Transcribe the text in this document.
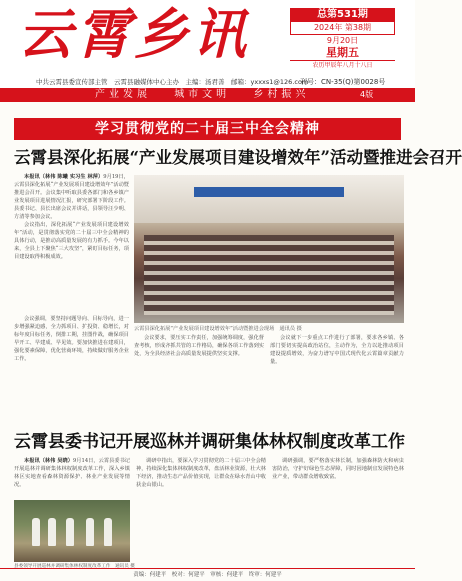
云霄乡讯	总第531期
2024年 第38期
9月20日
星期五
农历甲辰年八月十八日
中共云霄县委宣传部主管　云霄县融媒体中心主办　主编：汤君善　邮箱：yxxxs1@126.com
刊号：CN-35(Q)第0028号
产业发展 城市文明 乡村振兴	4版
学习贯彻党的二十届三中全会精神
云霄县深化拓展“产业发展项目建设增效年”活动暨推进会召开

本报讯（林伟 陈曦 实习生 林萍）9月19日，云霄县深化拓展“产业发展项目建设增效年”活动暨推进会召开。会议集中听取县委各部门和各乡镇产业发展项目进展情况汇报，研究部署下阶段工作。县委书记、县长出席会议并讲话，县领导汪少明、方清等参加会议。

会议指出，深化拓展“产业发展项目建设增效年”活动，是贯彻落实党的二十届三中全会精神的具体行动，是推动高质量发展的有力抓手。今年以来，全县上下聚焦“三大攻坚”，紧盯目标任务，项目建设取得积极成效。

会议强调，要坚持问题导向、目标导向，进一步增强紧迫感，全力抓项目、扩投资、稳增长，对标年度目标任务，倒排工期，挂图作战，确保项目早开工、早建成、早见效。要加快推进在建项目，强化要素保障，优化营商环境，持续做好服务企业工作。

云霄县深化拓展“产业发展项目建设增效年”活动暨推进会现场　通讯员 摄

会议要求，要压实工作责任，加强统筹调度，强化督查考核，形成齐抓共管的工作格局，确保各项工作落到实处，为全县经济社会高质量发展提供坚实支撑。

会议就下一步重点工作进行了部署，要求各乡镇、各部门要切实提高政治站位，主动作为，全力以赴推动项目建设提质增效，为奋力谱写中国式现代化云霄篇章贡献力量。

云霄县委书记开展巡林并调研集体林权制度改革工作

本报讯（林伟 吴晓）9月14日，云霄县委书记开展巡林并调研集体林权制度改革工作，深入乡镇林区实地查看森林资源保护、林业产业发展等情况。

县委领导开展巡林并调研集体林权制度改革工作　通讯员 摄

调研中指出，要深入学习贯彻党的二十届三中全会精神，持续深化集体林权制度改革，盘活林业资源，壮大林下经济，推动生态产品价值实现，让群众在绿水青山中收获金山银山。

调研强调，要严格落实林长制，加强森林防火和病虫害防治，守护好绿色生态屏障，同时因地制宜发展特色林业产业，带动群众增收致富。

责编：何建平　校对：何建平　审核：何建平　终审：何建平
